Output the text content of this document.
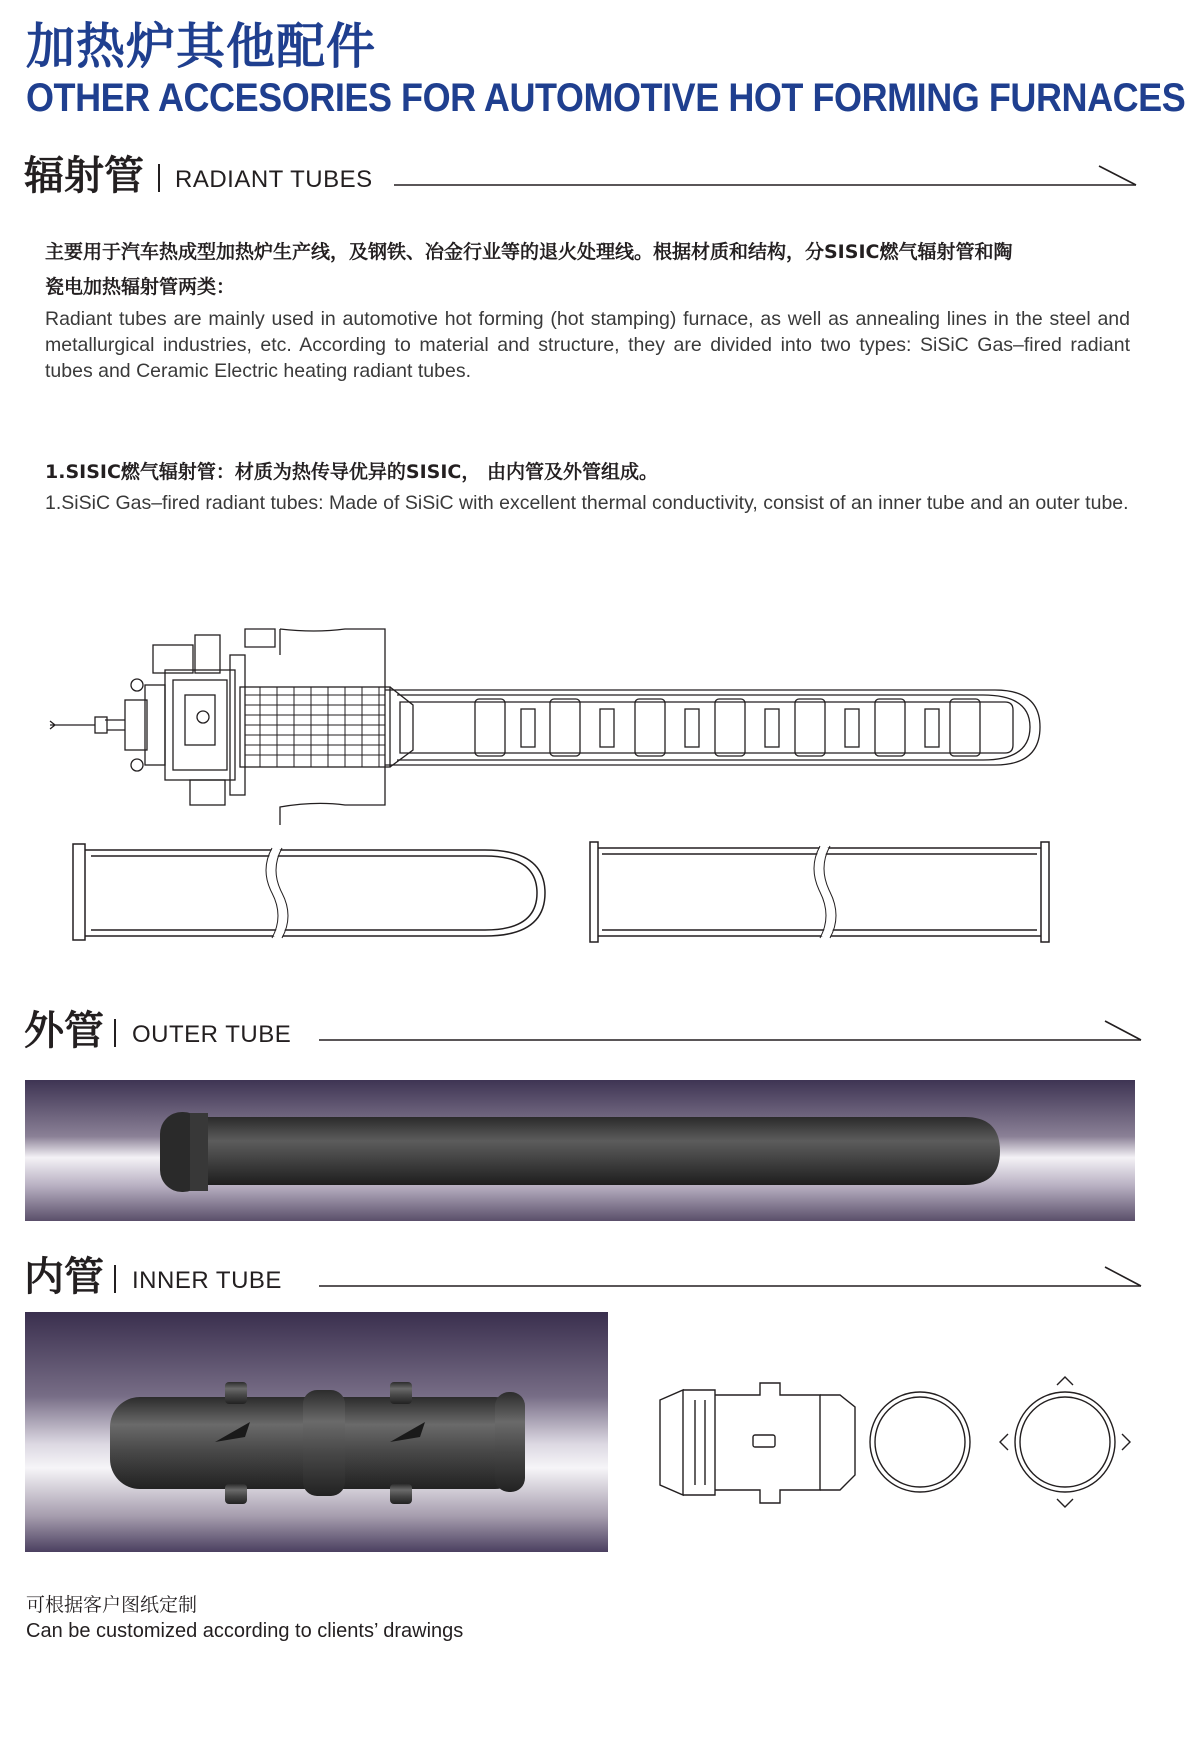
加热炉其他配件
OTHER ACCESORIES FOR AUTOMOTIVE HOT FORMING FURNACES
辐射管 RADIANT TUBES
主要用于汽车热成型加热炉生产线，及钢铁、冶金行业等的退火处理线。根据材质和结构，分SISIC燃气辐射管和陶
瓷电加热辐射管两类：
Radiant tubes are mainly used in automotive hot forming (hot stamping) furnace, as well as annealing lines in the steel and metallurgical industries, etc. According to material and structure, they are divided into two types: SiSiC Gas–fired radiant tubes and Ceramic Electric heating radiant tubes.
1.SISIC燃气辐射管：材质为热传导优异的SISIC， 由内管及外管组成。
1.SiSiC Gas–fired radiant tubes: Made of SiSiC with excellent thermal conductivity, consist of an inner tube and an outer tube.
外管 OUTER TUBE
内管 INNER TUBE
可根据客户图纸定制
Can be customized according to clients’ drawings
